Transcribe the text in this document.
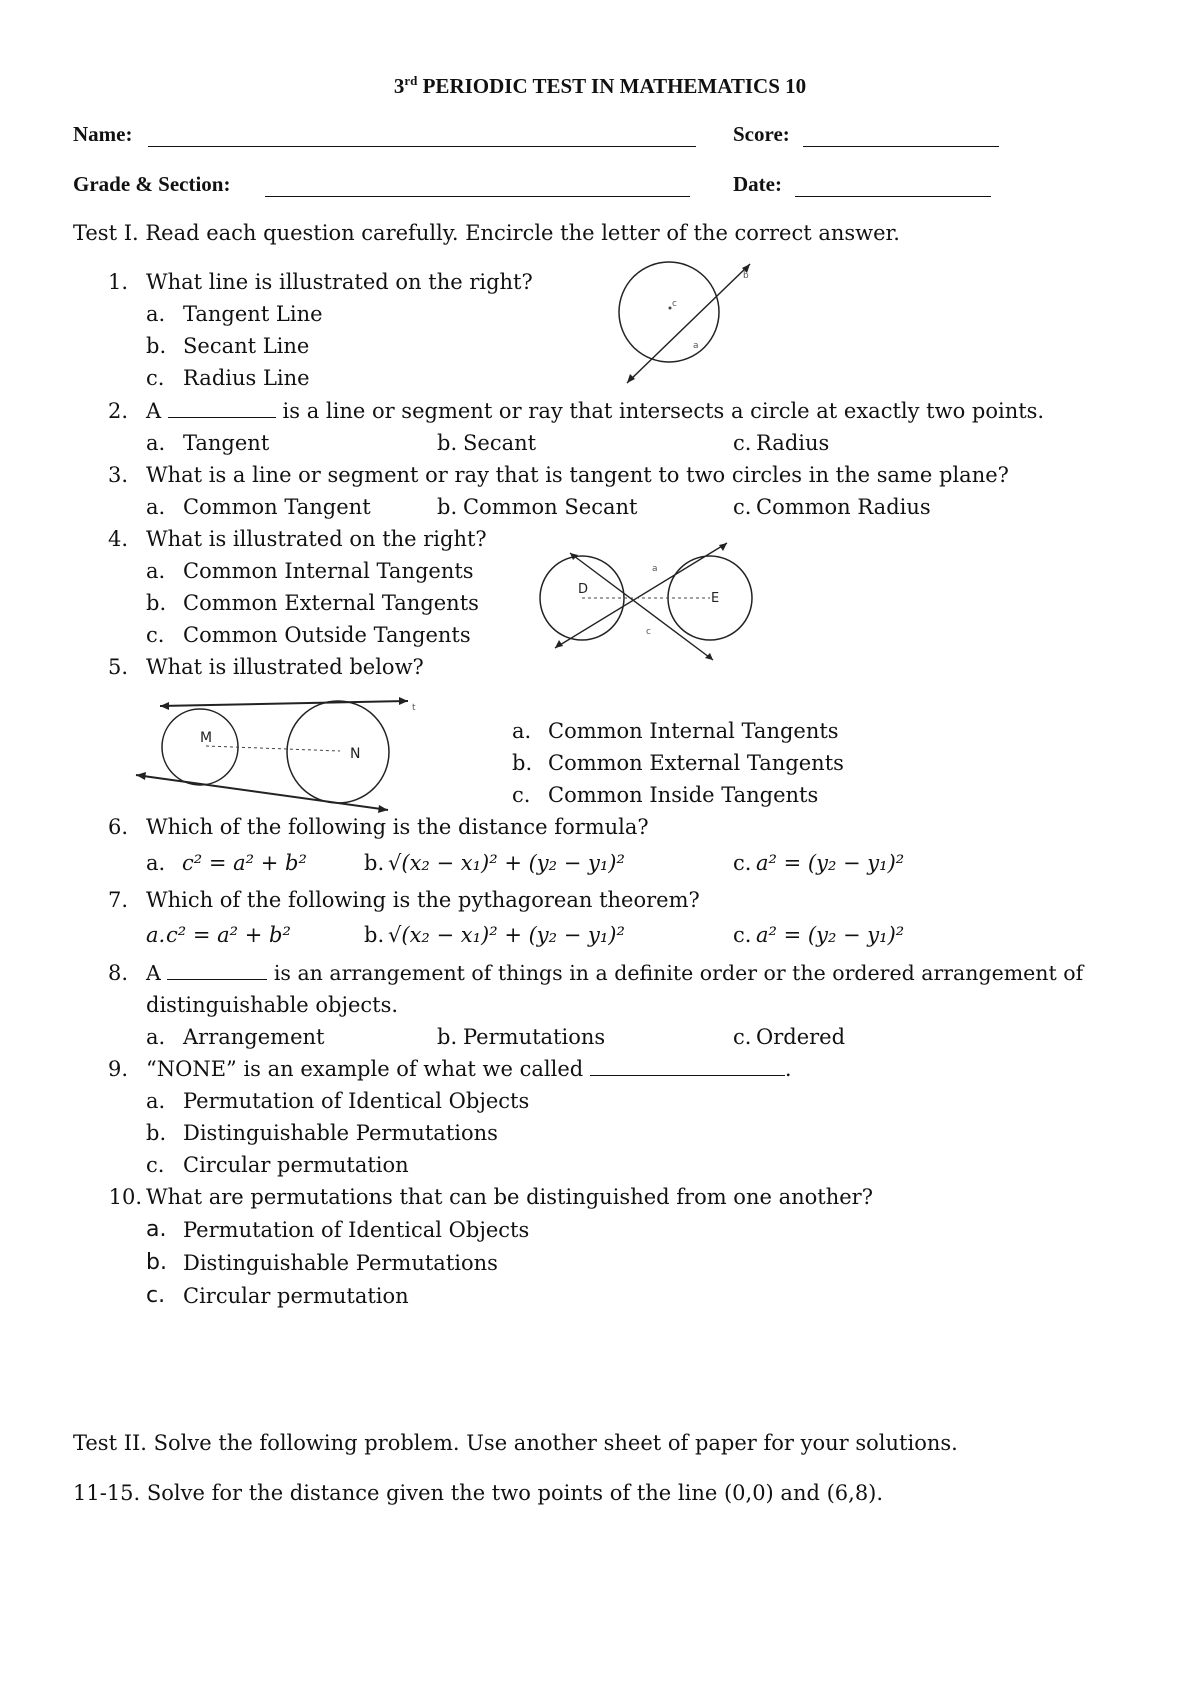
3rd PERIODIC TEST IN MATHEMATICS 10
Name:	Score:
Grade & Section:	Date:
Test I. Read each question carefully. Encircle the letter of the correct answer.
1. What line is illustrated on the right?
a. Tangent Line
b. Secant Line
c. Radius Line
c
b
a
2. A	is a line or segment or ray that intersects a circle at exactly two points.
a. Tangent	b. Secant	c. Radius
3. What is a line or segment or ray that is tangent to two circles in the same plane?
a. Common Tangent	b. Common Secant	c. Common Radius
4. What is illustrated on the right?
a. Common Internal Tangents
b. Common External Tangents
c. Common Outside Tangents
D
E
a
c
5. What is illustrated below?
M
N
t
a. Common Internal Tangents
b. Common External Tangents
c. Common Inside Tangents
6. Which of the following is the distance formula?
a. c² = a² + b²	b. √(x₂ − x₁)² + (y₂ − y₁)²	c. a² = (y₂ − y₁)²
7. Which of the following is the pythagorean theorem?
a. c² = a² + b²	b. √(x₂ − x₁)² + (y₂ − y₁)²	c. a² = (y₂ − y₁)²
8. A	is an arrangement of things in a definite order or the ordered arrangement of
distinguishable objects.
a. Arrangement	b. Permutations	c. Ordered
9. “NONE” is an example of what we called	.
a. Permutation of Identical Objects
b. Distinguishable Permutations
c. Circular permutation
10. What are permutations that can be distinguished from one another?
a. Permutation of Identical Objects
b. Distinguishable Permutations
c. Circular permutation
Test II. Solve the following problem. Use another sheet of paper for your solutions.
11-15. Solve for the distance given the two points of the line (0,0) and (6,8).
